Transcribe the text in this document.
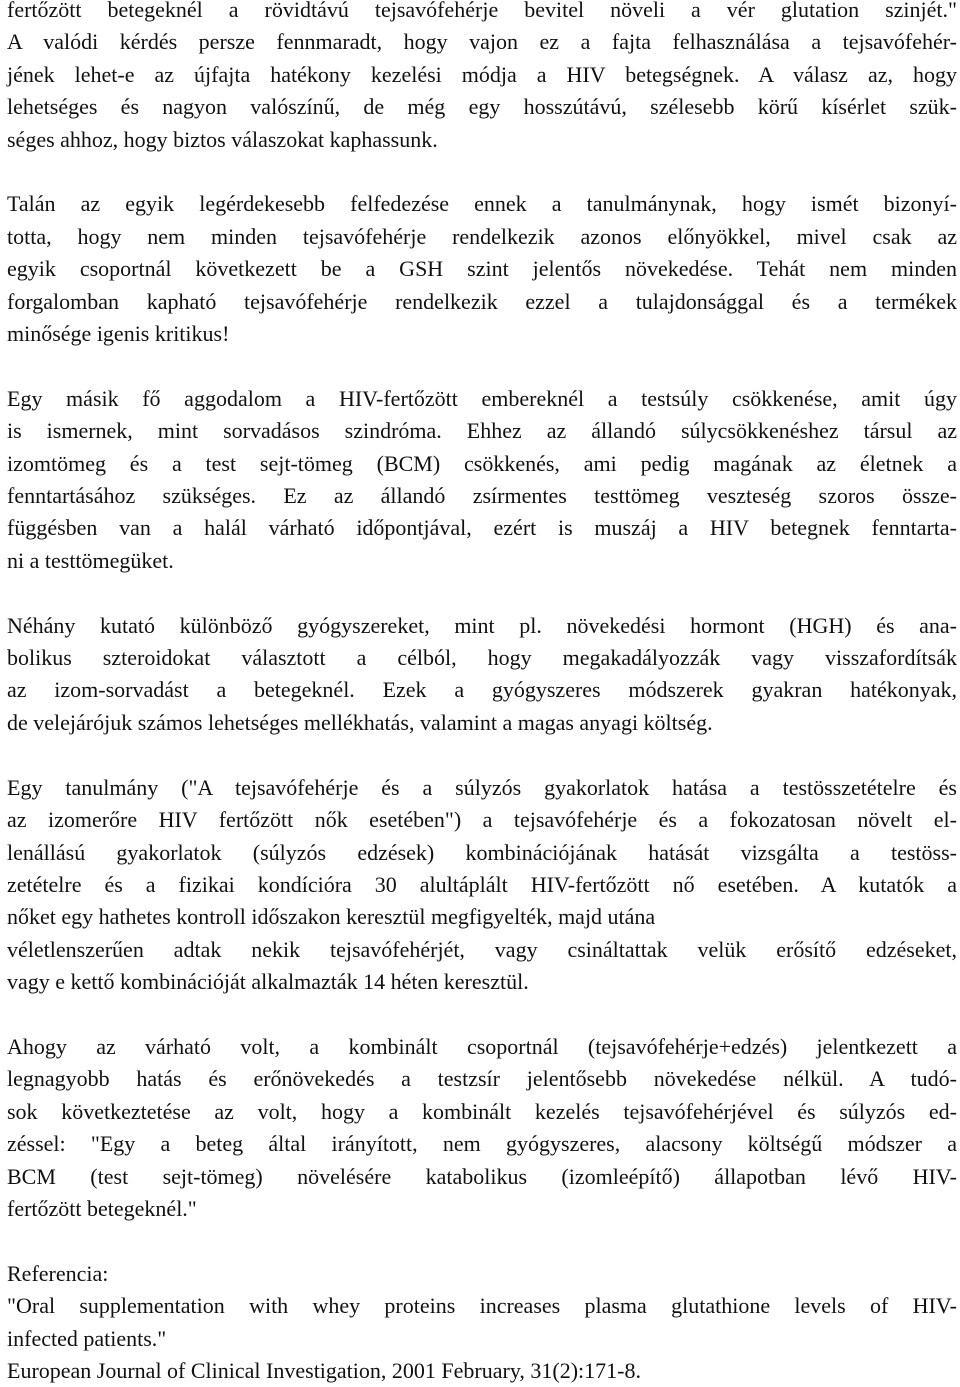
fertőzött betegeknél a rövidtávú tejsavófehérje bevitel növeli a vér glutation szinjét."
A valódi kérdés persze fennmaradt, hogy vajon ez a fajta felhasználása a tejsavófehér-
jének lehet-e az újfajta hatékony kezelési módja a HIV betegségnek. A válasz az, hogy
lehetséges és nagyon valószínű, de még egy hosszútávú, szélesebb körű kísérlet szük-
séges ahhoz, hogy biztos válaszokat kaphassunk.
Talán az egyik legérdekesebb felfedezése ennek a tanulmánynak, hogy ismét bizonyí-
totta, hogy nem minden tejsavófehérje rendelkezik azonos előnyökkel, mivel csak az
egyik csoportnál következett be a GSH szint jelentős növekedése. Tehát nem minden
forgalomban kapható tejsavófehérje rendelkezik ezzel a tulajdonsággal és a termékek
minősége igenis kritikus!
Egy másik fő aggodalom a HIV-fertőzött embereknél a testsúly csökkenése, amit úgy
is ismernek, mint sorvadásos szindróma. Ehhez az állandó súlycsökkenéshez társul az
izomtömeg és a test sejt-tömeg (BCM) csökkenés, ami pedig magának az életnek a
fenntartásához szükséges. Ez az állandó zsírmentes testtömeg veszteség szoros össze-
függésben van a halál várható időpontjával, ezért is muszáj a HIV betegnek fenntarta-
ni a testtömegüket.
Néhány kutató különböző gyógyszereket, mint pl. növekedési hormont (HGH) és ana-
bolikus szteroidokat választott a célból, hogy megakadályozzák vagy visszafordítsák
az izom-sorvadást a betegeknél. Ezek a gyógyszeres módszerek gyakran hatékonyak,
de velejárójuk számos lehetséges mellékhatás, valamint a magas anyagi költség.
Egy tanulmány ("A tejsavófehérje és a súlyzós gyakorlatok hatása a testösszetételre és
az izomerőre HIV fertőzött nők esetében") a tejsavófehérje és a fokozatosan növelt el-
lenállású gyakorlatok (súlyzós edzések) kombinációjának hatását vizsgálta a testöss-
zetételre és a fizikai kondícióra 30 alultáplált HIV-fertőzött nő esetében. A kutatók a
nőket egy hathetes kontroll időszakon keresztül megfigyelték, majd utána
véletlenszerűen adtak nekik tejsavófehérjét, vagy csináltattak velük erősítő edzéseket,
vagy e kettő kombinációját alkalmazták 14 héten keresztül.
Ahogy az várható volt, a kombinált csoportnál (tejsavófehérje+edzés) jelentkezett a
legnagyobb hatás és erőnövekedés a testzsír jelentősebb növekedése nélkül. A tudó-
sok következtetése az volt, hogy a kombinált kezelés tejsavófehérjével és súlyzós ed-
zéssel: "Egy a beteg által irányított, nem gyógyszeres, alacsony költségű módszer a
BCM (test sejt-tömeg) növelésére katabolikus (izomleépítő) állapotban lévő HIV-
fertőzött betegeknél."
Referencia:
"Oral supplementation with whey proteins increases plasma glutathione levels of HIV-
infected patients."
European Journal of Clinical Investigation, 2001 February, 31(2):171-8.
